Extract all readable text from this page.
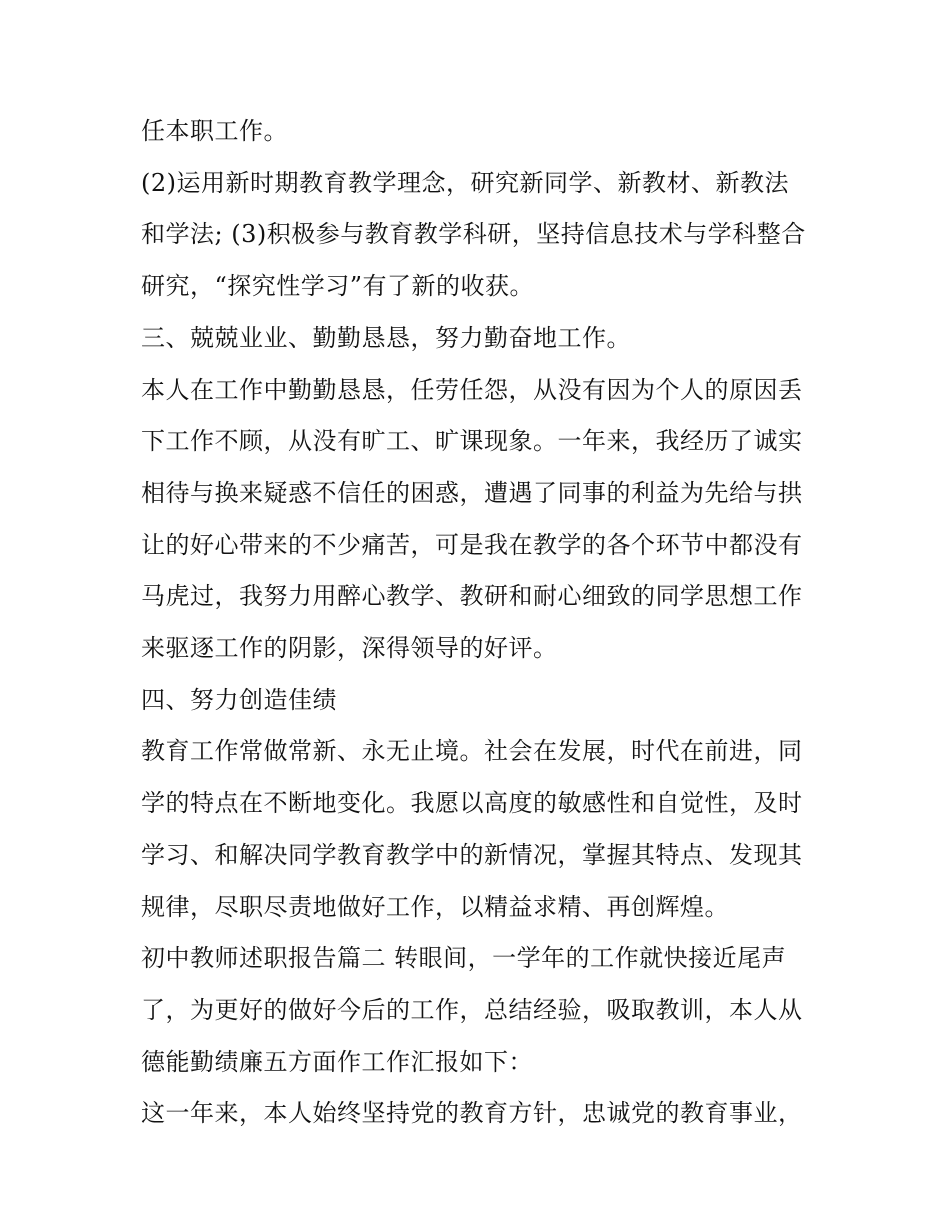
任本职工作。
(2)运用新时期教育教学理念，研究新同学、新教材、新教法
和学法; (3)积极参与教育教学科研，坚持信息技术与学科整合
研究，“探究性学习”有了新的收获。
三、兢兢业业、勤勤恳恳，努力勤奋地工作。
本人在工作中勤勤恳恳，任劳任怨，从没有因为个人的原因丢
下工作不顾，从没有旷工、旷课现象。一年来，我经历了诚实
相待与换来疑惑不信任的困惑，遭遇了同事的利益为先给与拱
让的好心带来的不少痛苦，可是我在教学的各个环节中都没有
马虎过，我努力用醉心教学、教研和耐心细致的同学思想工作
来驱逐工作的阴影，深得领导的好评。
四、努力创造佳绩
教育工作常做常新、永无止境。社会在发展，时代在前进，同
学的特点在不断地变化。我愿以高度的敏感性和自觉性，及时
学习、和解决同学教育教学中的新情况，掌握其特点、发现其
规律，尽职尽责地做好工作，以精益求精、再创辉煌。
初中教师述职报告篇二 转眼间，一学年的工作就快接近尾声
了，为更好的做好今后的工作，总结经验，吸取教训，本人从
德能勤绩廉五方面作工作汇报如下：
这一年来，本人始终坚持党的教育方针，忠诚党的教育事业，
